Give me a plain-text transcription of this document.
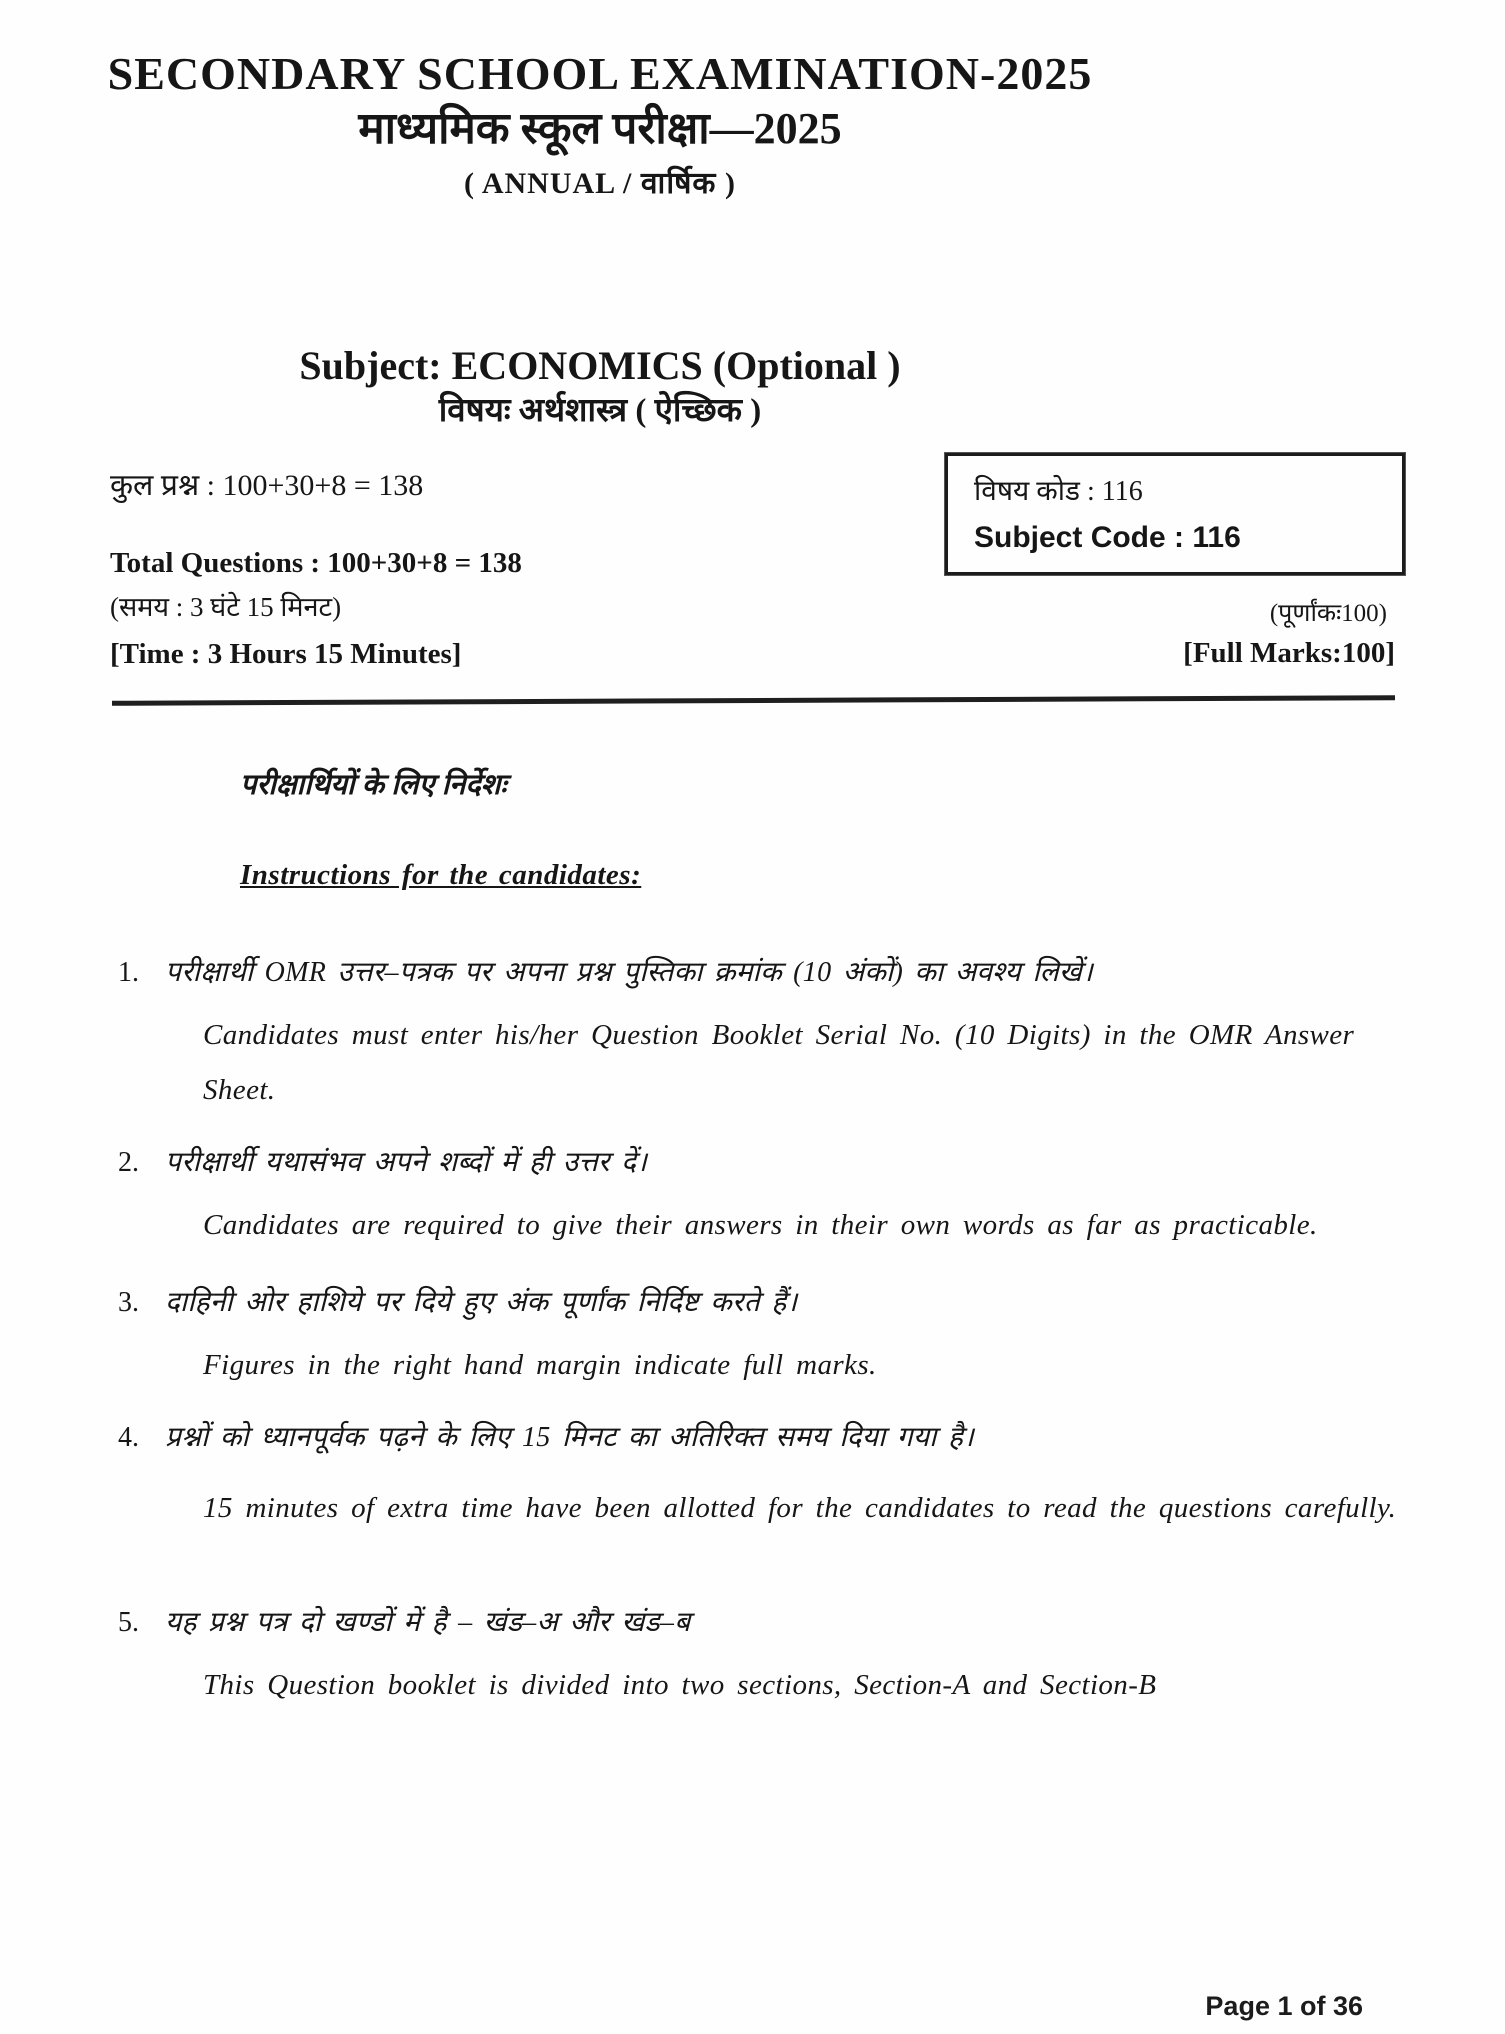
SECONDARY SCHOOL EXAMINATION-2025
माध्यमिक स्कूल परीक्षा—2025
( ANNUAL / वार्षिक )
Subject: ECONOMICS (Optional )
विषयः अर्थशास्त्र ( ऐच्छिक )
कुल प्रश्न : 100+30+8 = 138
Total Questions : 100+30+8 = 138
(समय : 3 घंटे 15 मिनट)
[Time : 3 Hours 15 Minutes]
विषय कोड : 116
Subject Code : 116
(पूर्णांकः100)
[Full Marks:100]
परीक्षार्थियों के लिए निर्देशः
Instructions for the candidates:
1. परीक्षार्थी OMR उत्तर–पत्रक पर अपना प्रश्न पुस्तिका क्रमांक (10 अंकों) का अवश्य लिखें।
Candidates must enter his/her Question Booklet Serial No. (10 Digits) in the OMR Answer Sheet.
2. परीक्षार्थी यथासंभव अपने शब्दों में ही उत्तर दें।
Candidates are required to give their answers in their own words as far as practicable.
3. दाहिनी ओर हाशिये पर दिये हुए अंक पूर्णांक निर्दिष्ट करते हैं।
Figures in the right hand margin indicate full marks.
4. प्रश्नों को ध्यानपूर्वक पढ़ने के लिए 15 मिनट का अतिरिक्त समय दिया गया है।
15 minutes of extra time have been allotted for the candidates to read the questions carefully.
5. यह प्रश्न पत्र दो खण्डों में है – खंड–अ और खंड–ब
This Question booklet is divided into two sections, Section-A and Section-B
Page 1 of 36
